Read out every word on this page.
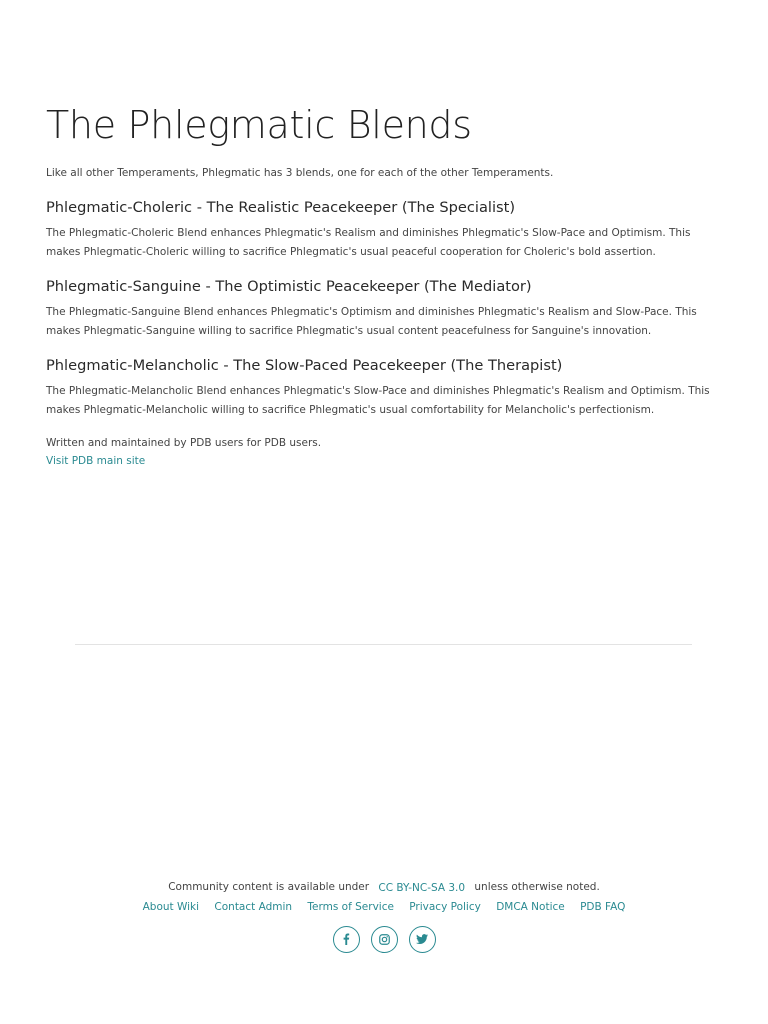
The Phlegmatic Blends

Like all other Temperaments, Phlegmatic has 3 blends, one for each of the other Temperaments.

Phlegmatic-Choleric - The Realistic Peacekeeper (The Specialist)

The Phlegmatic-Choleric Blend enhances Phlegmatic's Realism and diminishes Phlegmatic's Slow-Pace and Optimism. This makes Phlegmatic-Choleric willing to sacrifice Phlegmatic's usual peaceful cooperation for Choleric's bold assertion.

Phlegmatic-Sanguine - The Optimistic Peacekeeper (The Mediator)

The Phlegmatic-Sanguine Blend enhances Phlegmatic's Optimism and diminishes Phlegmatic's Realism and Slow-Pace. This makes Phlegmatic-Sanguine willing to sacrifice Phlegmatic's usual content peacefulness for Sanguine's innovation.

Phlegmatic-Melancholic - The Slow-Paced Peacekeeper (The Therapist)

The Phlegmatic-Melancholic Blend enhances Phlegmatic's Slow-Pace and diminishes Phlegmatic's Realism and Optimism. This makes Phlegmatic-Melancholic willing to sacrifice Phlegmatic's usual comfortability for Melancholic's perfectionism.

Written and maintained by PDB users for PDB users.

Visit PDB main site
Community content is available under CC BY-NC-SA 3.0 unless otherwise noted.
About Wiki Contact Admin Terms of Service Privacy Policy DMCA Notice PDB FAQ
